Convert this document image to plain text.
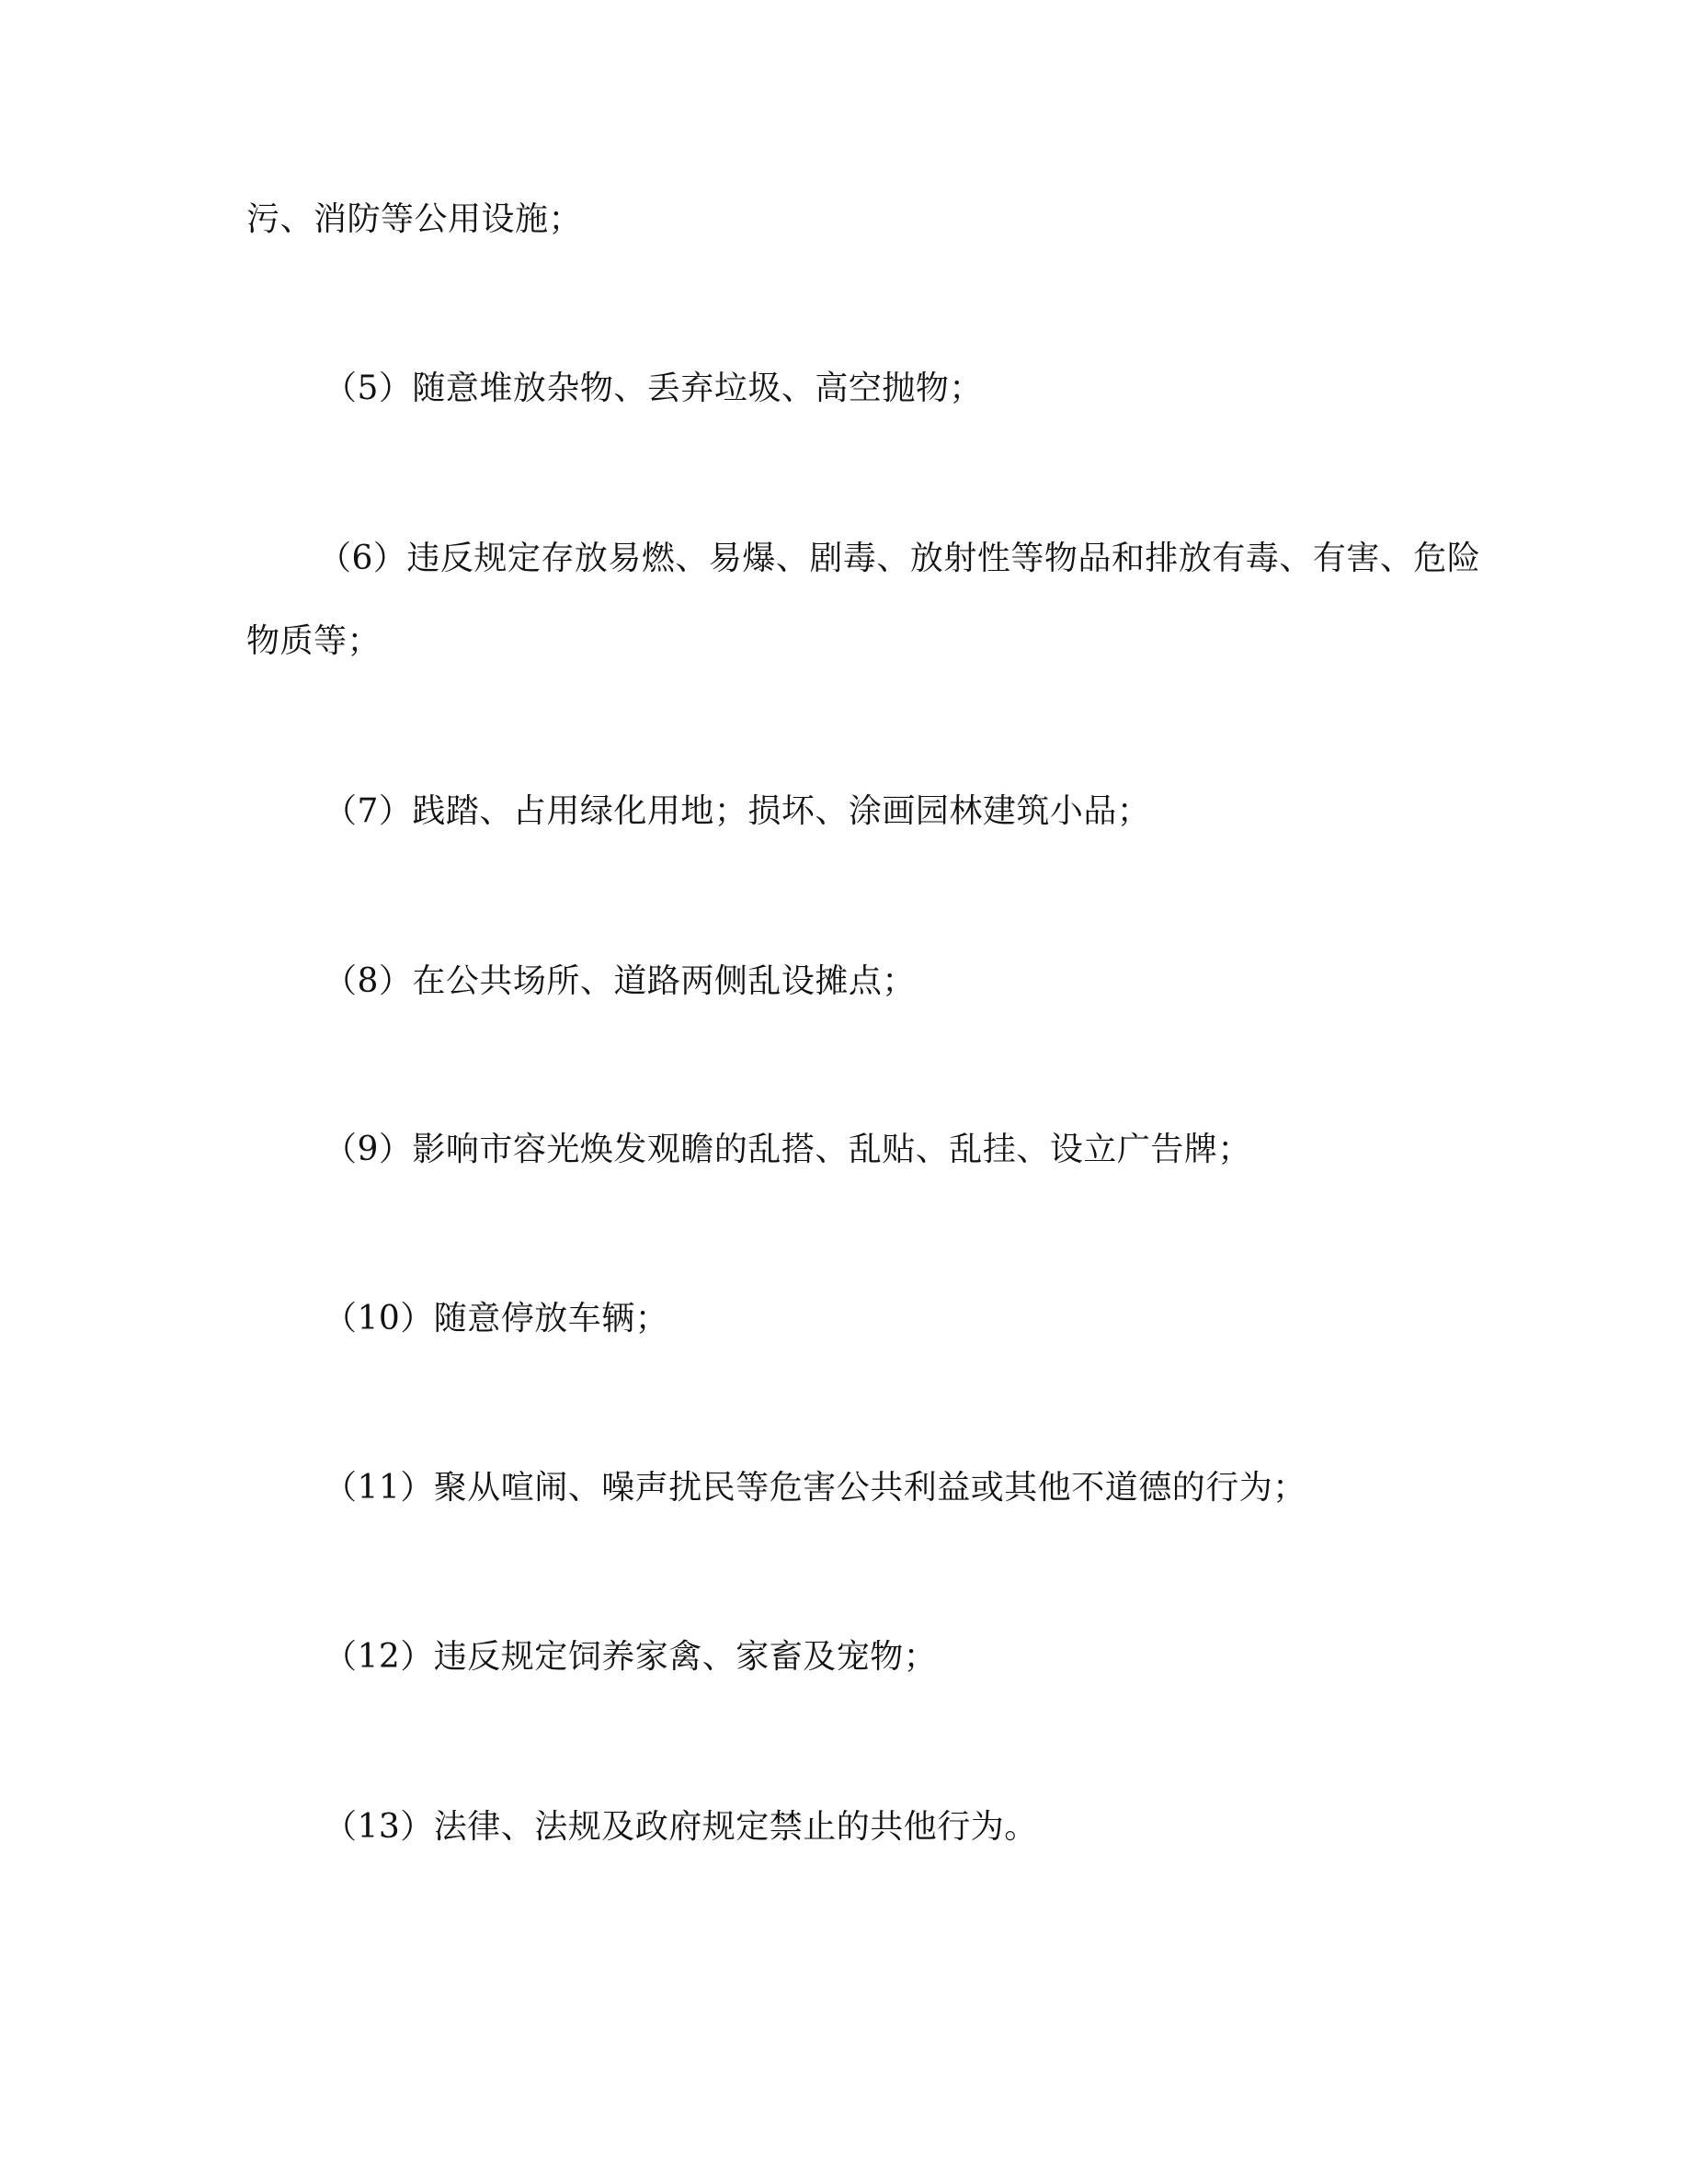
污、消防等公用设施；
（5）随意堆放杂物、丢弃垃圾、高空抛物；
（6）违反规定存放易燃、易爆、剧毒、放射性等物品和排放有毒、有害、危险
物质等；
（7）践踏、占用绿化用地；损坏、涂画园林建筑小品；
（8）在公共场所、道路两侧乱设摊点；
（9）影响市容光焕发观瞻的乱搭、乱贴、乱挂、设立广告牌；
（10）随意停放车辆；
（11）聚从喧闹、噪声扰民等危害公共利益或其他不道德的行为；
（12）违反规定饲养家禽、家畜及宠物；
（13）法律、法规及政府规定禁止的共他行为。
